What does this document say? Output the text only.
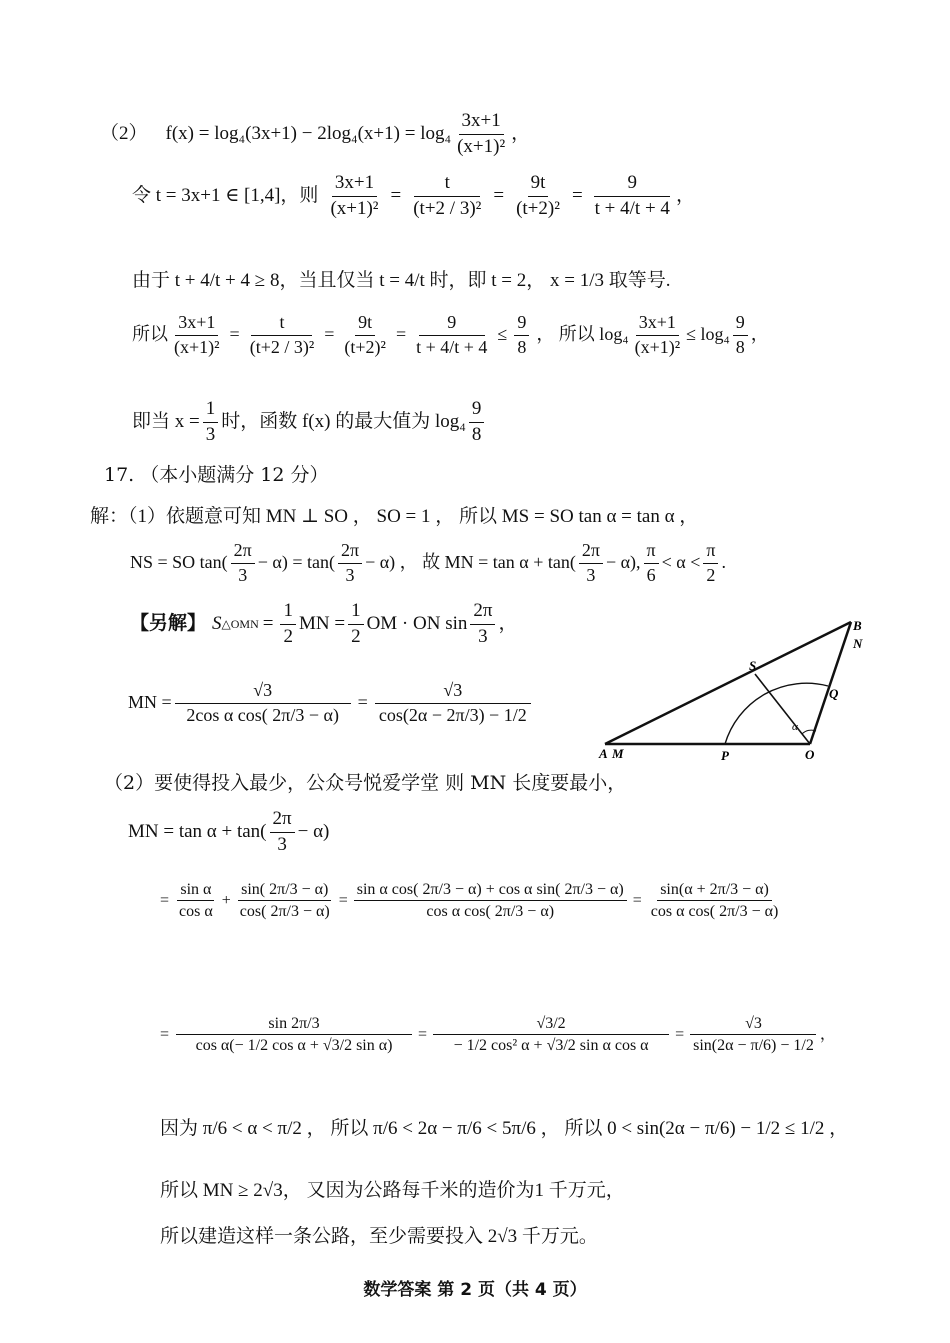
（2） $f(x) = \log_4(3x+1) - 2\log_4(x+1) = \log_4 \frac{3x+1}{\text{(x+1)²}}$ ，
令 t = 3x+1 ∈ [1,4]，则 $\frac{3x+1}{\text{(x+1)²}} = \frac{t}{\text{(t+2 / 3)²}} = \frac{9t}{\text{(t+2)²}} = \frac{9}{t + 4/t + 4}$ ，
由于 t + 4/t + 4 ≥ 8，当且仅当 t = 4/t 时，即 t = 2， x = 1/3 取等号.
所以 $\frac{3x+1}{\text{(x+1)²}} = \frac{t}{\text{(t+2 / 3)²}} = \frac{9t}{\text{(t+2)²}} = \frac{9}{t + 4/t + 4} \le \frac{9}{8}$ ， 所以 $\log_4 \frac{3x+1}{\text{(x+1)²}} \le \log_4 \frac{9}{8}$ ，
即当 $x = \frac{1}{3}$ 时，函数 f(x) 的最大值为 $\log_4 \frac{9}{8}$
17. （本小题满分 12 分）
解：（1）依题意可知 MN ⊥ SO ， SO = 1 ， 所以 MS = SO tan α = tan α ，
NS = SO $\tan( \frac{2\pi}{3} - \alpha) = \tan( \frac{2\pi}{3} - \alpha)$ ， 故 MN = $\tan \alpha + \tan( \frac{2\pi}{3} - \alpha)$, $\frac{\pi}{6} < \alpha < \frac{\pi}{2}$ .
【另解】 S △OMN = $\frac{1}{2}$ MN = $\frac{1}{2}$ OM · ON $\sin \frac{2\pi}{3}$ ，
MN = $\frac{√3}{\text{2cos α cos( 2π/3 − α)}} = \frac{√3}{\cos(2\alpha - 2\pi/3) - 1/2}$
A M	P	O
Q
S
N
B
α
（2）要使得投入最少，公众号悦爱学堂 则 MN 长度要最小，
MN = $\tan \alpha + \tan( \frac{2\pi}{3} - \alpha)$
= $\frac{\text{sin α}}{\text{cos α}} + \frac{\sin( 2\pi/3 - \alpha)}{\cos( 2\pi/3 - \alpha)} = \frac{\text{sin α cos( 2π/3 − α) + cos α sin( 2π/3 − α)}}{\text{cos α cos( 2π/3 − α)}} = \frac{\sin(\alpha + 2\pi/3 - \alpha)}{\text{cos α cos( 2π/3 − α)}}$
= $\frac{\sin 2\pi/3}{\text{cos α(− 1/2 cos α + √3/2 sin α)}} = \frac{√3/2}{\text{− 1/2 cos² α + √3/2 sin α cos α}} = \frac{√3}{\sin(2\alpha - \pi/6) - 1/2}$ ，
因为 π/6 < α < π/2 ， 所以 π/6 < 2α − π/6 < 5π/6 ， 所以 0 < sin(2α − π/6) − 1/2 ≤ 1/2 ，
所以 MN ≥ 2√3， 又因为公路每千米的造价为1 千万元，
所以建造这样一条公路，至少需要投入 2√3 千万元。
数学答案 第 2 页（共 4 页）
